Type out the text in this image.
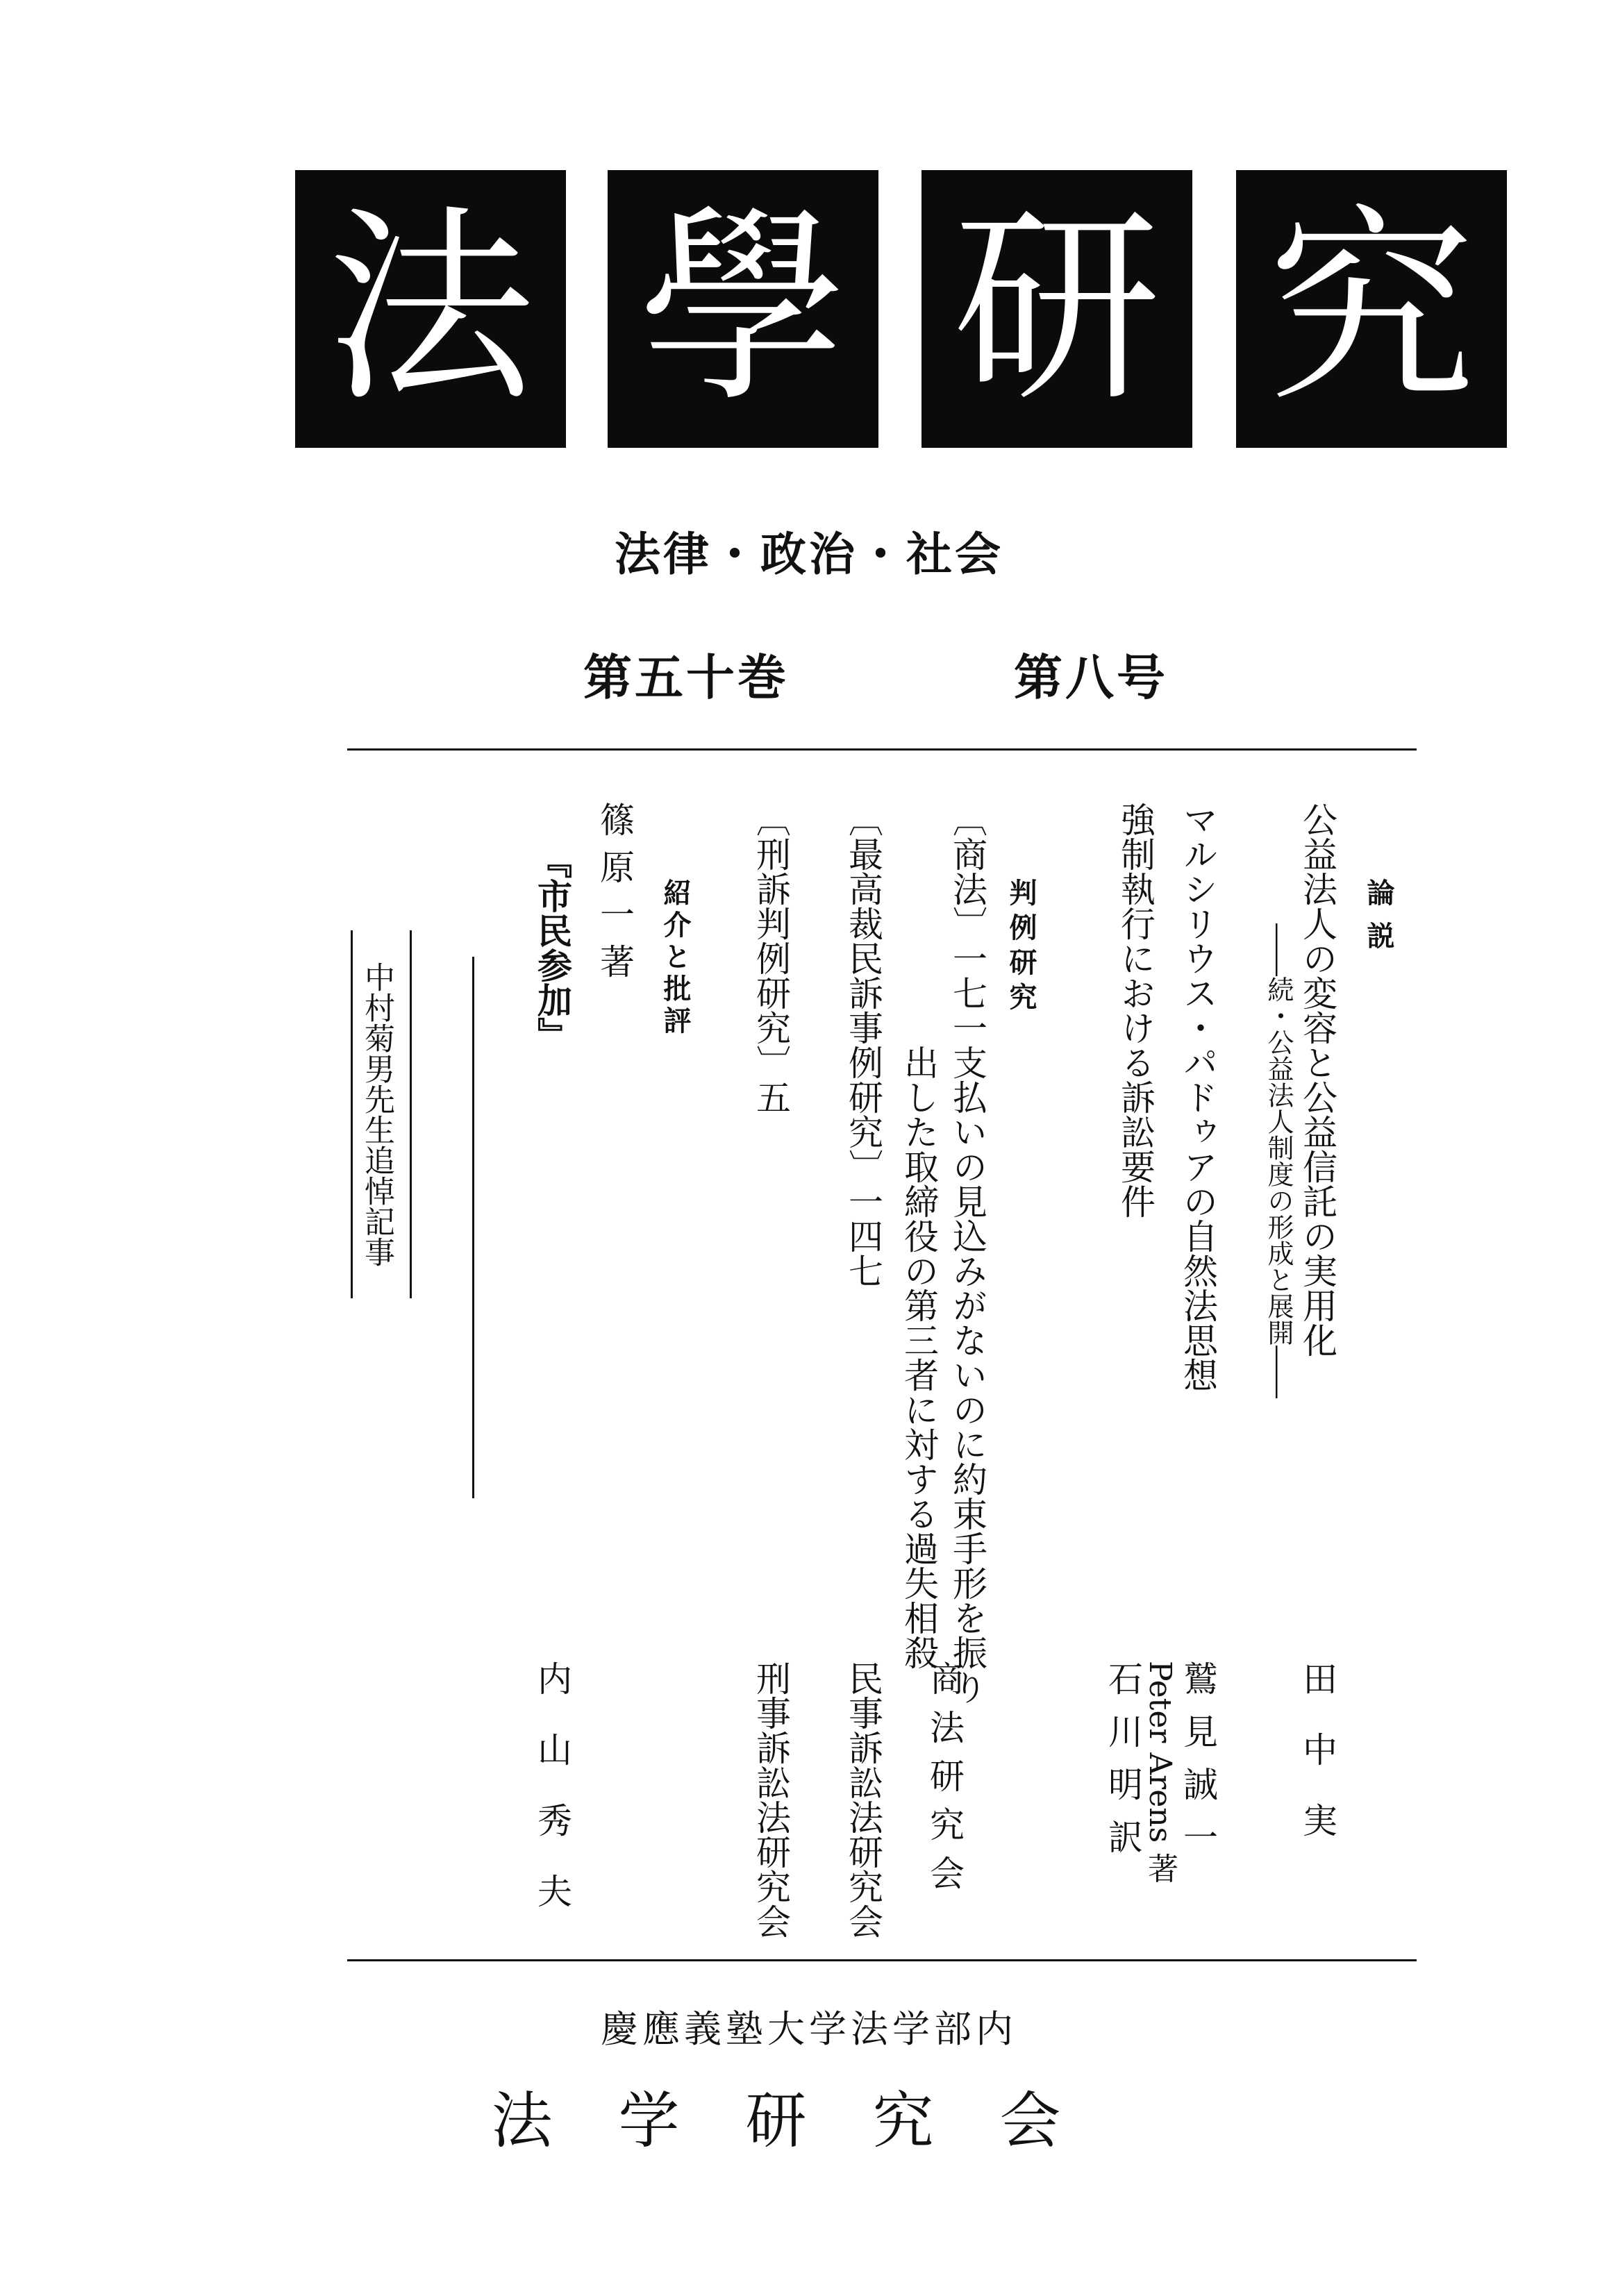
法 學 研 究
法律・政治・社会
第五十巻	第八号
論説
公益法人の変容と公益信託の実用化
――続・公益法人制度の形成と展開――
田中実
マルシリウス・パドゥアの自然法思想
鷲見誠一
強制執行における訴訟要件
Peter Arens 著
石川明訳
判例研究
〔商法〕一七一
支払いの見込みがないのに約束手形を振り
出した取締役の第三者に対する過失相殺
商法研究会
〔最高裁民訴事例研究〕一四七
民事訴訟法研究会
〔刑訴判例研究〕五
刑事訴訟法研究会
紹介と批評
篠原一著
『市民参加』
内山秀夫
中村菊男先生追悼記事
慶應義塾大学法学部内
法学研究会
